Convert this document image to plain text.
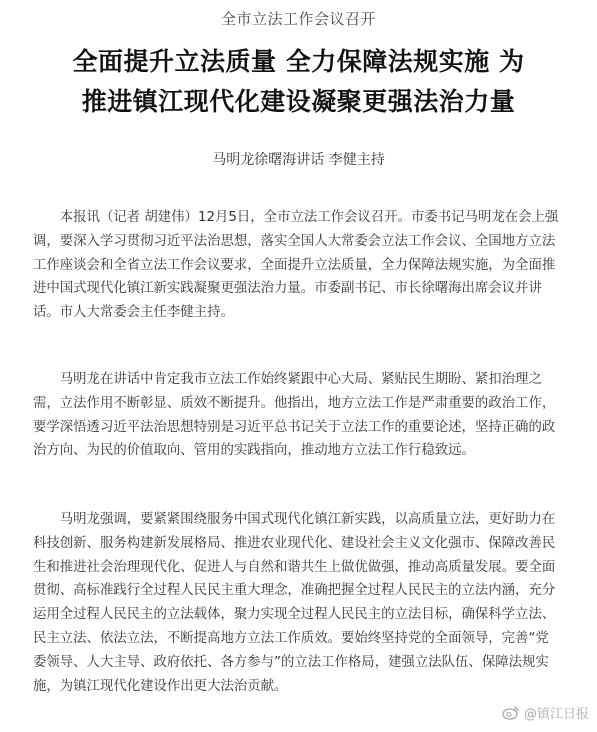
全市立法工作会议召开
全面提升立法质量 全力保障法规实施 为
推进镇江现代化建设凝聚更强法治力量
马明龙徐曙海讲话 李健主持

　　本报讯（记者 胡建伟）12月5日，全市立法工作会议召开。市委书记马明龙在会上强
调，要深入学习贯彻习近平法治思想，落实全国人大常委会立法工作会议、全国地方立法
工作座谈会和全省立法工作会议要求，全面提升立法质量，全力保障法规实施，为全面推
进中国式现代化镇江新实践凝聚更强法治力量。市委副书记、市长徐曙海出席会议并讲
话。市人大常委会主任李健主持。

　　马明龙在讲话中肯定我市立法工作始终紧跟中心大局、紧贴民生期盼、紧扣治理之
需，立法作用不断彰显、质效不断提升。他指出，地方立法工作是严肃重要的政治工作，
要学深悟透习近平法治思想特别是习近平总书记关于立法工作的重要论述，坚持正确的政
治方向、为民的价值取向、管用的实践指向，推动地方立法工作行稳致远。

　　马明龙强调，要紧紧围绕服务中国式现代化镇江新实践，以高质量立法，更好助力在
科技创新、服务构建新发展格局、推进农业现代化、建设社会主义文化强市、保障改善民
生和推进社会治理现代化、促进人与自然和谐共生上做优做强，推动高质量发展。要全面
贯彻、高标准践行全过程人民民主重大理念，准确把握全过程人民民主的立法内涵，充分
运用全过程人民民主的立法载体，聚力实现全过程人民民主的立法目标，确保科学立法、
民主立法、依法立法，不断提高地方立法工作质效。要始终坚持党的全面领导，完善“党
委领导、人大主导、政府依托、各方参与”的立法工作格局，建强立法队伍、保障法规实
施，为镇江现代化建设作出更大法治贡献。

@镇江日报
